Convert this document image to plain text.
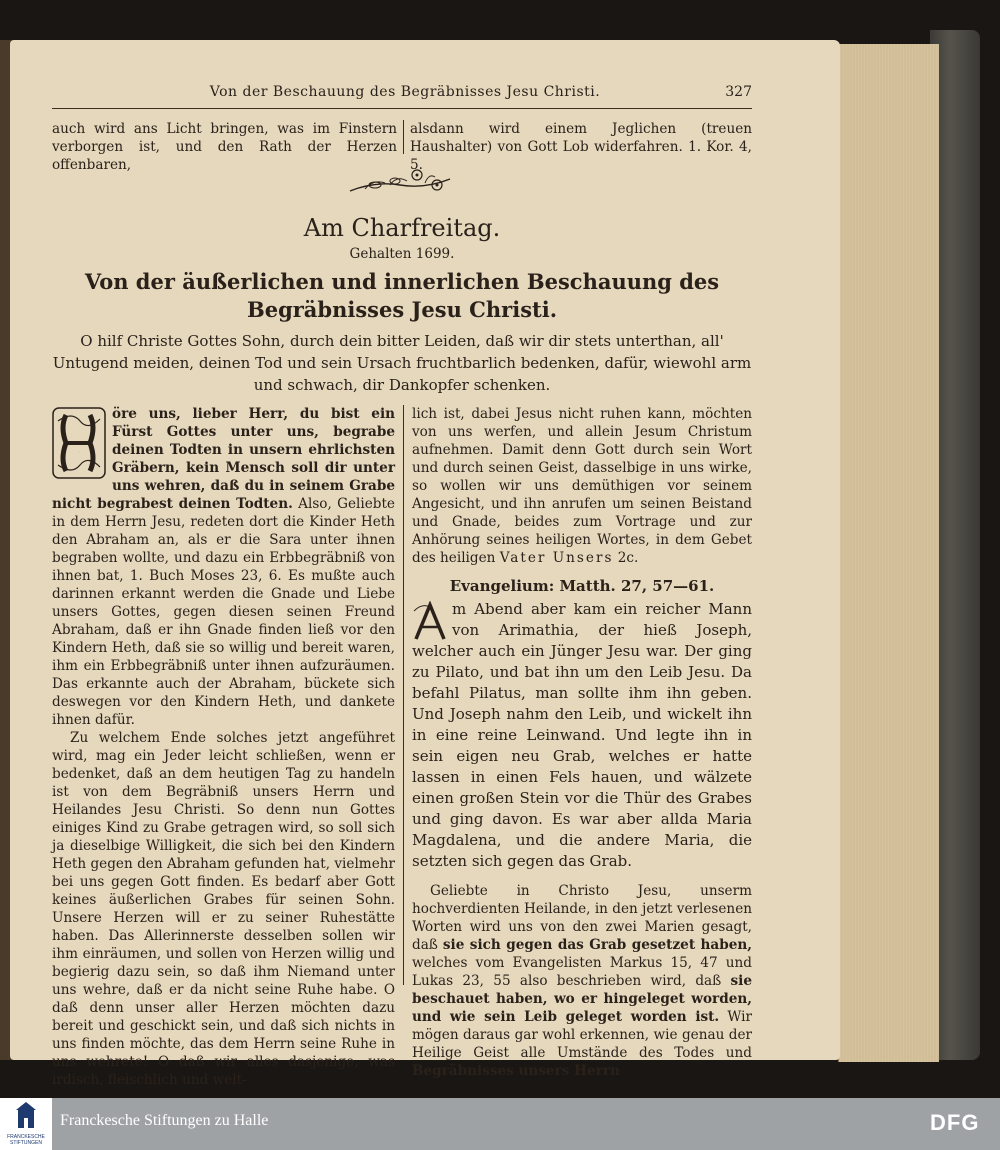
Von der Beschauung des Begräbnisses Jesu Christi.	327

auch wird ans Licht bringen, was im Finstern verborgen ist, und den Rath der Herzen offenbaren,

alsdann wird einem Jeglichen (treuen Haushalter) von Gott Lob widerfahren. 1. Kor. 4, 5.

Am Charfreitag.
Gehalten 1699.
Von der äußerlichen und innerlichen Beschauung des Begräbnisses Jesu Christi.
O hilf Christe Gottes Sohn, durch dein bitter Leiden, daß wir dir stets unterthan, all' Untugend meiden, deinen Tod und sein Ursach fruchtbarlich bedenken, dafür, wiewohl arm und schwach, dir Dankopfer schenken.

H
öre uns, lieber Herr, du bist ein Fürst Gottes unter uns, begrabe deinen Todten in unsern ehrlichsten Gräbern, kein Mensch soll dir unter uns wehren, daß du in seinem Grabe nicht begrabest deinen Todten. Also, Geliebte in dem Herrn Jesu, redeten dort die Kinder Heth den Abraham an, als er die Sara unter ihnen begraben wollte, und dazu ein Erbbegräbniß von ihnen bat, 1. Buch Moses 23, 6. Es mußte auch darinnen erkannt werden die Gnade und Liebe unsers Gottes, gegen diesen seinen Freund Abraham, daß er ihn Gnade finden ließ vor den Kindern Heth, daß sie so willig und bereit waren, ihm ein Erbbegräbniß unter ihnen aufzuräumen. Das erkannte auch der Abraham, bückete sich deswegen vor den Kindern Heth, und dankete ihnen dafür.

Zu welchem Ende solches jetzt angeführet wird, mag ein Jeder leicht schließen, wenn er bedenket, daß an dem heutigen Tag zu handeln ist von dem Begräbniß unsers Herrn und Heilandes Jesu Christi. So denn nun Gottes einiges Kind zu Grabe getragen wird, so soll sich ja dieselbige Willigkeit, die sich bei den Kindern Heth gegen den Abraham gefunden hat, vielmehr bei uns gegen Gott finden. Es bedarf aber Gott keines äußerlichen Grabes für seinen Sohn. Unsere Herzen will er zu seiner Ruhestätte haben. Das Allerinnerste desselben sollen wir ihm einräumen, und sollen von Herzen willig und begierig dazu sein, so daß ihm Niemand unter uns wehre, daß er da nicht seine Ruhe habe. O daß denn unser aller Herzen möchten dazu bereit und geschickt sein, und daß sich nichts in uns finden möchte, das dem Herrn seine Ruhe in uns wehrete! O daß wir alles dasjenige, was irdisch, fleischlich und welt-

lich ist, dabei Jesus nicht ruhen kann, möchten von uns werfen, und allein Jesum Christum aufnehmen. Damit denn Gott durch sein Wort und durch seinen Geist, dasselbige in uns wirke, so wollen wir uns demüthigen vor seinem Angesicht, und ihn anrufen um seinen Beistand und Gnade, beides zum Vortrage und zur Anhörung seines heiligen Wortes, in dem Gebet des heiligen Vater Unsers 2c.

Evangelium: Matth. 27, 57—61.

A
m Abend aber kam ein reicher Mann von Arimathia, der hieß Joseph, welcher auch ein Jünger Jesu war. Der ging zu Pilato, und bat ihn um den Leib Jesu. Da befahl Pilatus, man sollte ihm ihn geben. Und Joseph nahm den Leib, und wickelt ihn in eine reine Leinwand. Und legte ihn in sein eigen neu Grab, welches er hatte lassen in einen Fels hauen, und wälzete einen großen Stein vor die Thür des Grabes und ging davon. Es war aber allda Maria Magdalena, und die andere Maria, die setzten sich gegen das Grab.

Geliebte in Christo Jesu, unserm hochverdienten Heilande, in den jetzt verlesenen Worten wird uns von den zwei Marien gesagt, daß sie sich gegen das Grab gesetzet haben, welches vom Evangelisten Markus 15, 47 und Lukas 23, 55 also beschrieben wird, daß sie beschauet haben, wo er hingeleget worden, und wie sein Leib geleget worden ist. Wir mögen daraus gar wohl erkennen, wie genau der Heilige Geist alle Umstände des Todes und Begräbnisses unsers Herrn

FRANCKESCHE STIFTUNGEN
Franckesche Stiftungen zu Halle	DFG
